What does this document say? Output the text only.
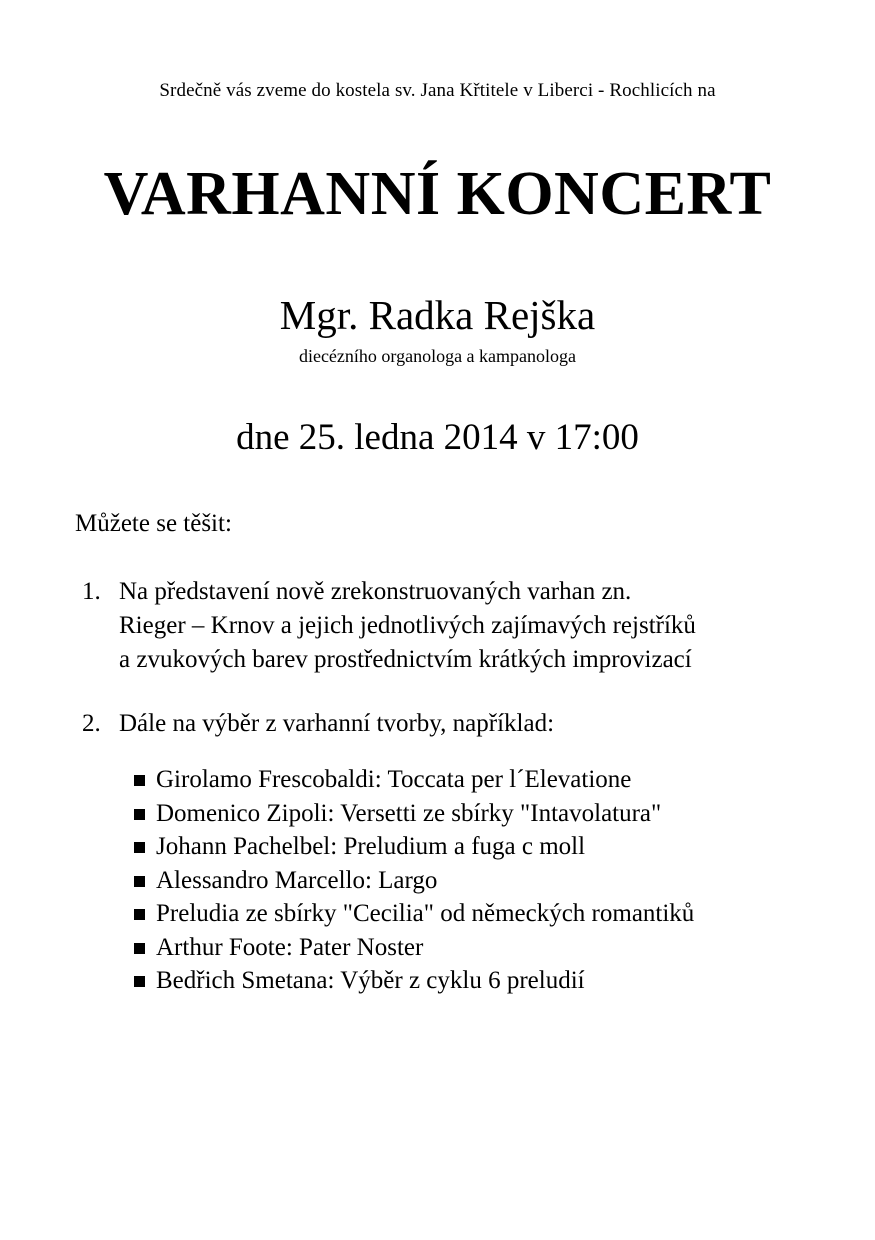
Srdečně vás zveme do kostela sv. Jana Křtitele v Liberci - Rochlicích na
VARHANNÍ KONCERT
Mgr. Radka Rejška
diecézního organologa a kampanologa
dne 25. ledna 2014 v 17:00
Můžete se těšit:
1. Na představení nově zrekonstruovaných varhan zn.
Rieger – Krnov a jejich jednotlivých zajímavých rejstříků
a zvukových barev prostřednictvím krátkých improvizací
2. Dále na výběr z varhanní tvorby, například:
Girolamo Frescobaldi: Toccata per l´Elevatione
Domenico Zipoli: Versetti ze sbírky "Intavolatura"
Johann Pachelbel: Preludium a fuga c moll
Alessandro Marcello: Largo
Preludia ze sbírky "Cecilia" od německých romantiků
Arthur Foote: Pater Noster
Bedřich Smetana: Výběr z cyklu 6 preludií
